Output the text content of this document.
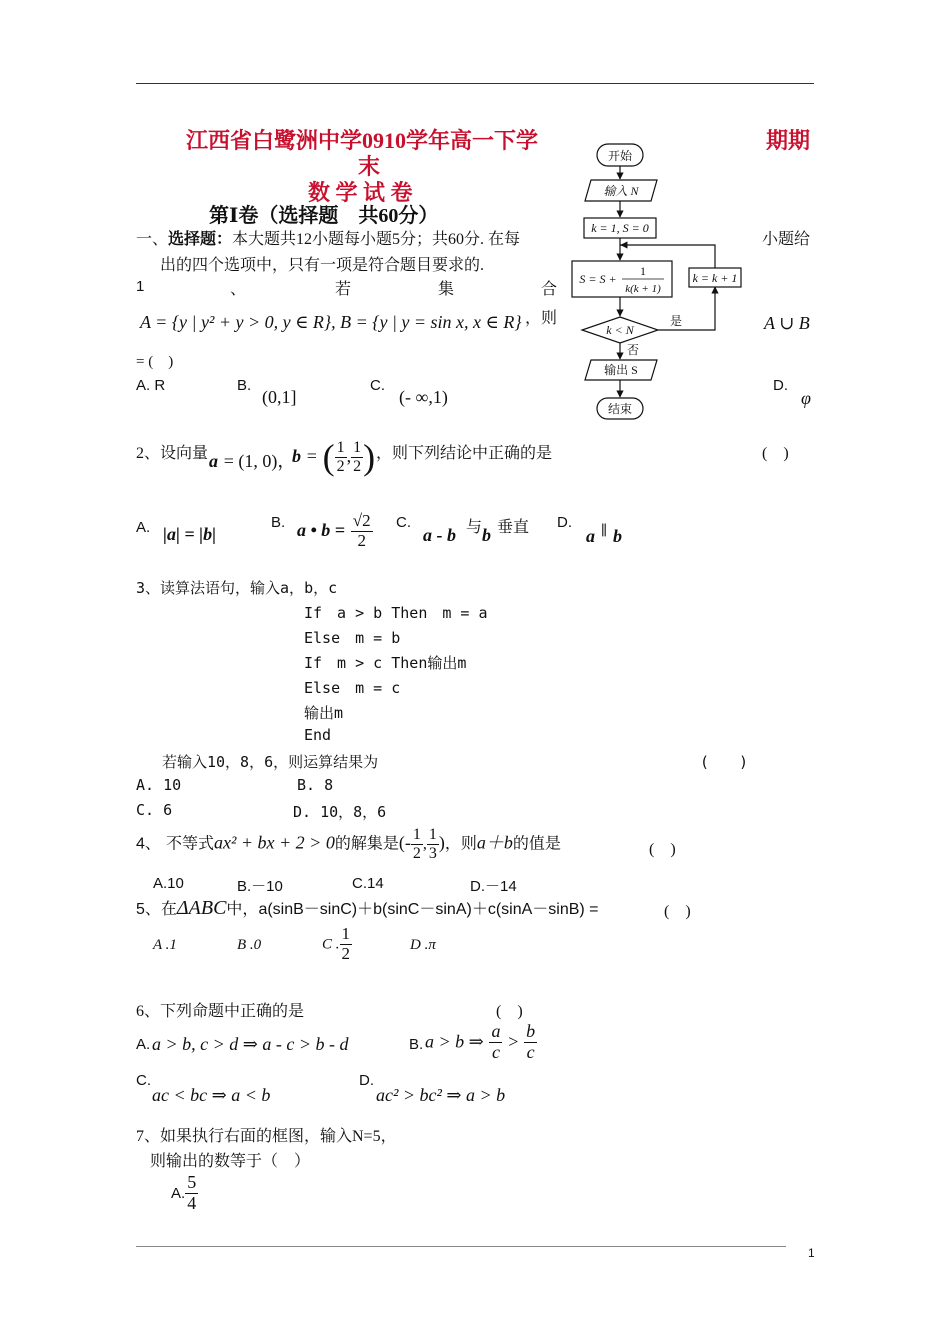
江西省白鹭洲中学0910学年高一下学	期期
末
数 学 试 卷
第Ⅰ卷（选择题　共60分）
一、选择题：本大题共12小题每小题5分；共60分. 在每	小题给
出的四个选项中，只有一项是符合题目要求的.
1	、	若	集	合
A = {y | y² + y > 0, y ∈ R}, B = {y | y = sin x, x ∈ R} ，则	A ∪ B
= (　)
A. R	B.
(0,1]
C.
(- ∞,1)
D.
φ
2、设向量 a = (1, 0)，
b = ( $\frac{1}{2}$ , $\frac{1}{2}$ ) ，则下列结论中正确的是	(　)
A. |a| = |b|
B. a • $b = \frac{√2}{2} C$.
a - b 与 b 垂直 D.
a ∥ b
3、读算法语句，输入a，b，c
If　a > b Then　m = a
Else　m = b
If　m > c Then输出m
Else　m = c
输出m
End
若输入10，8，6，则运算结果为	(　　)
A. 10	B. 8
C. 6	D. 10，8，6
4、 不等式ax² + bx + 2 > 0的解集是(- $\frac{1}{2}$ , $\frac{1}{3}$ )，则a＋b的值是	(　)
A.10	B.－10	C.14	D.－14
5、在ΔABC中，a(sinB－sinC)＋b(sinC－sinA)＋c(sinA－sinB) =	(　)
A .1	B .0	C . $\frac{1}{2}$	D .π
6、下列命题中正确的是	(　)
A. a > b, c > d ⇒ a - c > b - d	B. a > b ⇒ $\frac{a}{c} > \frac{b}{c}$
C.
ac < bc ⇒ a < b
D.
ac² > bc² ⇒ a > b
7、如果执行右面的框图，输入N=5，
则输出的数等于（　）
A. $\frac{5}{4}$
开始
输入 N
k = 1, S = 0
S = S +
1
k(k + 1)
k < N
是
否
k = k + 1
输出 S
结束
1
